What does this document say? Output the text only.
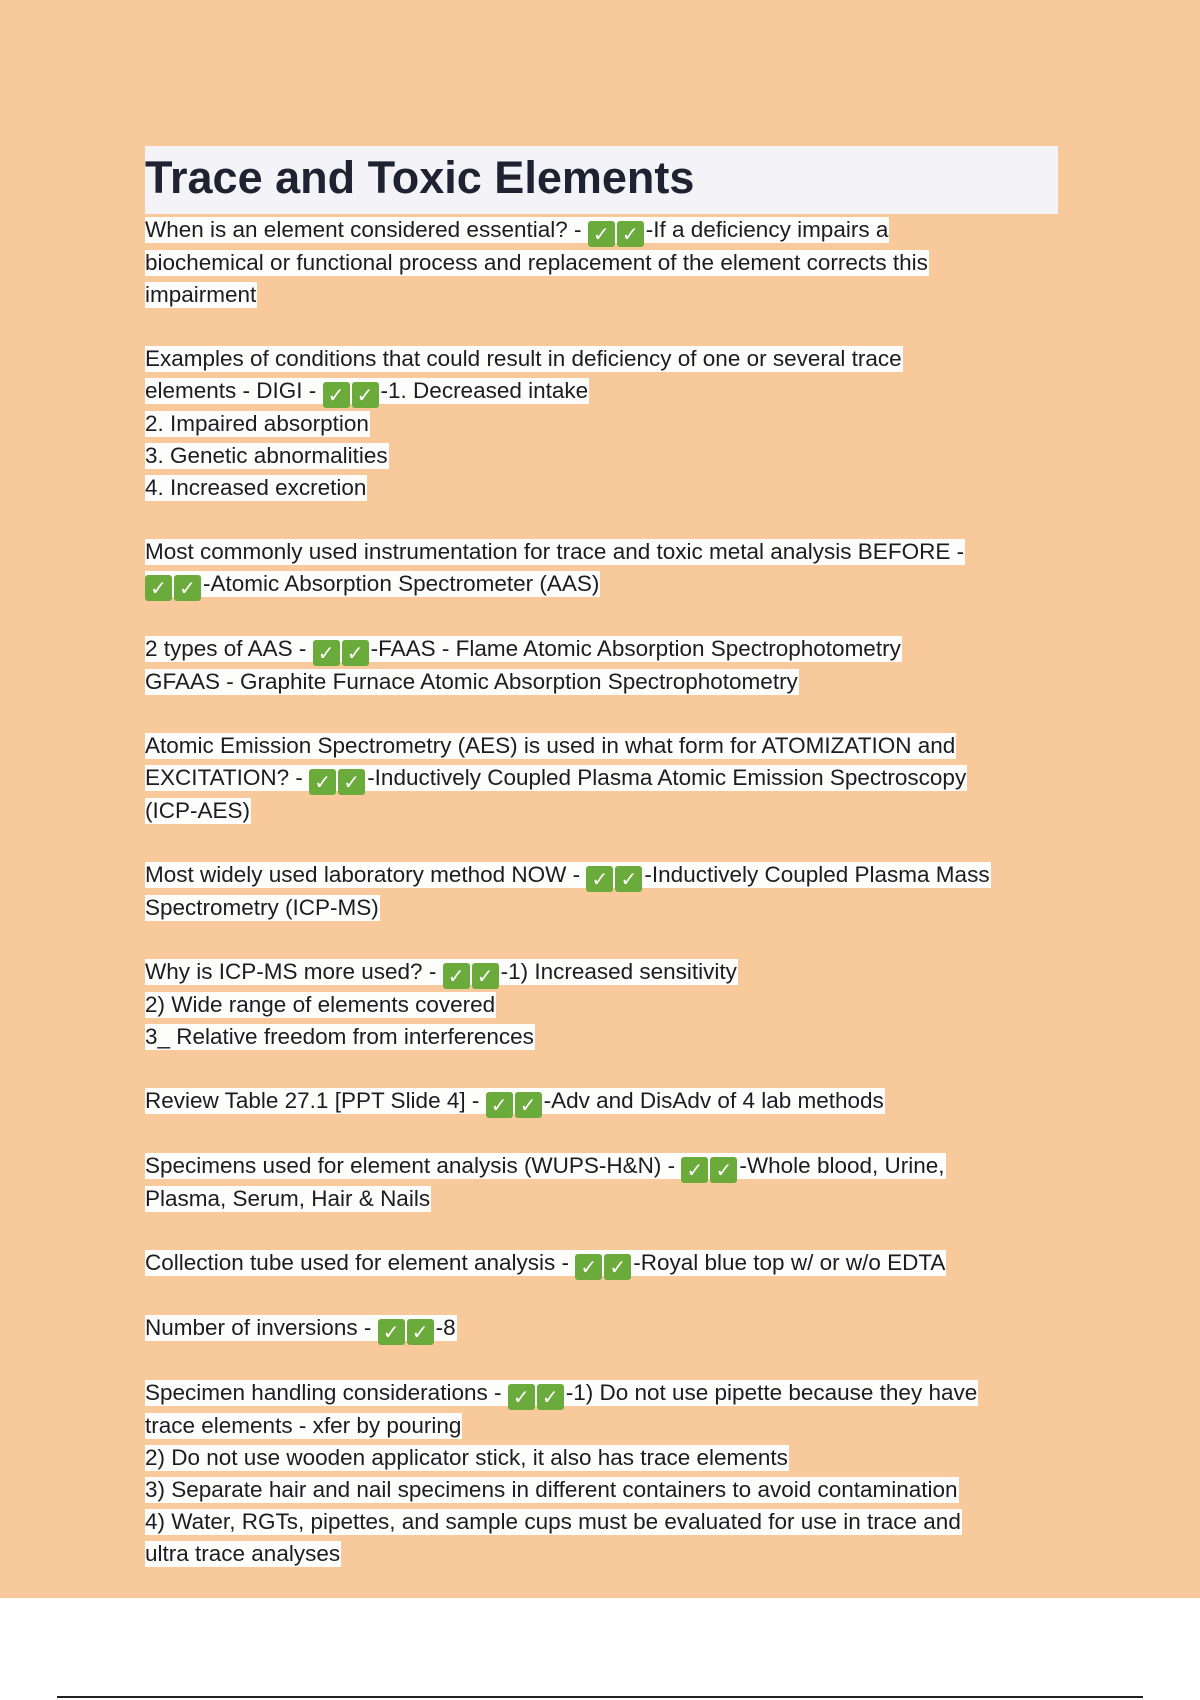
Trace and Toxic Elements
When is an element considered essential? - ✓ ✓ -If a deficiency impairs a
biochemical or functional process and replacement of the element corrects this
impairment
Examples of conditions that could result in deficiency of one or several trace
elements - DIGI - ✓ ✓ -1. Decreased intake
2. Impaired absorption
3. Genetic abnormalities
4. Increased excretion
Most commonly used instrumentation for trace and toxic metal analysis BEFORE -
✓ ✓ -Atomic Absorption Spectrometer (AAS)
2 types of AAS - ✓ ✓ -FAAS - Flame Atomic Absorption Spectrophotometry
GFAAS - Graphite Furnace Atomic Absorption Spectrophotometry
Atomic Emission Spectrometry (AES) is used in what form for ATOMIZATION and
EXCITATION? - ✓ ✓ -Inductively Coupled Plasma Atomic Emission Spectroscopy
(ICP-AES)
Most widely used laboratory method NOW - ✓ ✓ -Inductively Coupled Plasma Mass
Spectrometry (ICP-MS)
Why is ICP-MS more used? - ✓ ✓ -1) Increased sensitivity
2) Wide range of elements covered
3_ Relative freedom from interferences
Review Table 27.1 [PPT Slide 4] - ✓ ✓ -Adv and DisAdv of 4 lab methods
Specimens used for element analysis (WUPS-H&N) - ✓ ✓ -Whole blood, Urine,
Plasma, Serum, Hair & Nails
Collection tube used for element analysis - ✓ ✓ -Royal blue top w/ or w/o EDTA
Number of inversions - ✓ ✓ -8
Specimen handling considerations - ✓ ✓ -1) Do not use pipette because they have
trace elements - xfer by pouring
2) Do not use wooden applicator stick, it also has trace elements
3) Separate hair and nail specimens in different containers to avoid contamination
4) Water, RGTs, pipettes, and sample cups must be evaluated for use in trace and
ultra trace analyses
